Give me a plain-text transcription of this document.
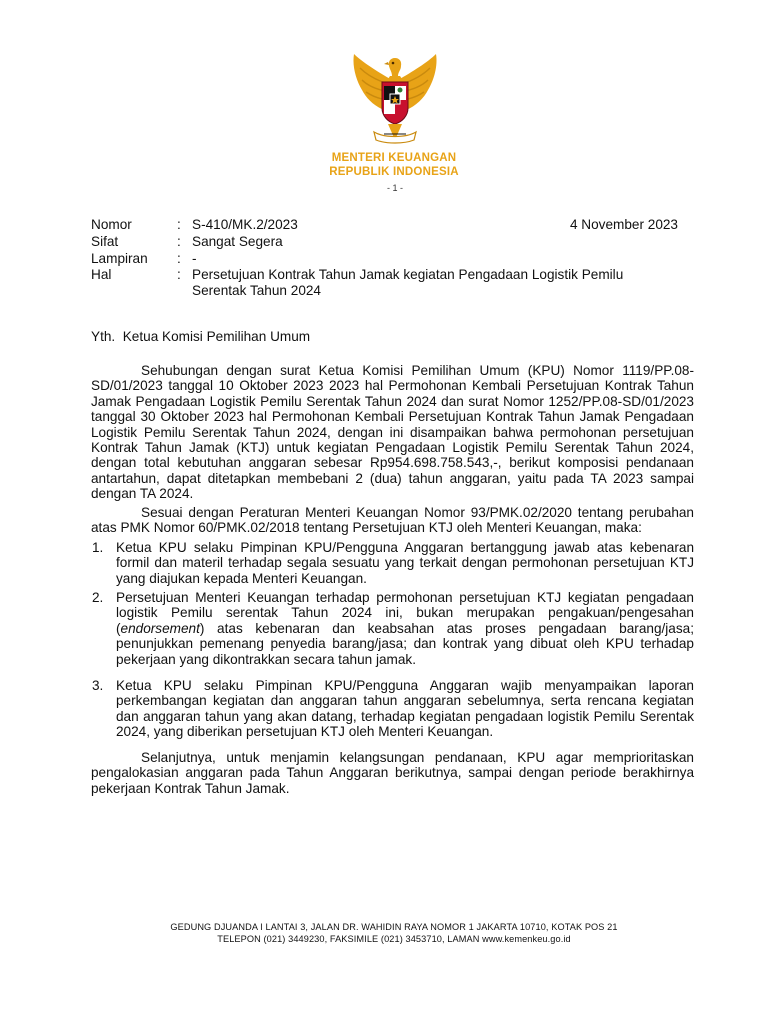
MENTERI KEUANGAN
REPUBLIK INDONESIA
- 1 -
Nomor	: S-410/MK.2/2023	4 November 2023
Sifat	: Sangat Segera
Lampiran : -
Hal	: Persetujuan Kontrak Tahun Jamak kegiatan Pengadaan Logistik Pemilu
Serentak Tahun 2024
Yth.  Ketua Komisi Pemilihan Umum
Sehubungan dengan surat Ketua Komisi Pemilihan Umum (KPU) Nomor 1119/PP.08-SD/01/2023 tanggal 10 Oktober 2023 2023 hal Permohonan Kembali Persetujuan Kontrak Tahun Jamak Pengadaan Logistik Pemilu Serentak Tahun 2024 dan surat Nomor 1252/PP.08-SD/01/2023 tanggal 30 Oktober 2023 hal Permohonan Kembali Persetujuan Kontrak Tahun Jamak Pengadaan Logistik Pemilu Serentak Tahun 2024, dengan ini disampaikan bahwa permohonan persetujuan Kontrak Tahun Jamak (KTJ) untuk kegiatan Pengadaan Logistik Pemilu Serentak Tahun 2024, dengan total kebutuhan anggaran sebesar Rp954.698.758.543,-, berikut komposisi pendanaan antartahun, dapat ditetapkan membebani 2 (dua) tahun anggaran, yaitu pada TA 2023 sampai dengan TA 2024.
Sesuai dengan Peraturan Menteri Keuangan Nomor 93/PMK.02/2020 tentang perubahan atas PMK Nomor 60/PMK.02/2018 tentang Persetujuan KTJ oleh Menteri Keuangan, maka:
1. Ketua KPU selaku Pimpinan KPU/Pengguna Anggaran bertanggung jawab atas kebenaran formil dan materil terhadap segala sesuatu yang terkait dengan permohonan persetujuan KTJ yang diajukan kepada Menteri Keuangan.
2. Persetujuan Menteri Keuangan terhadap permohonan persetujuan KTJ kegiatan pengadaan logistik Pemilu serentak Tahun 2024 ini, bukan merupakan pengakuan/pengesahan (endorsement) atas kebenaran dan keabsahan atas proses pengadaan barang/jasa; penunjukkan pemenang penyedia barang/jasa; dan kontrak yang dibuat oleh KPU terhadap pekerjaan yang dikontrakkan secara tahun jamak.
3. Ketua KPU selaku Pimpinan KPU/Pengguna Anggaran wajib menyampaikan laporan perkembangan kegiatan dan anggaran tahun anggaran sebelumnya, serta rencana kegiatan dan anggaran tahun yang akan datang, terhadap kegiatan pengadaan logistik Pemilu Serentak 2024, yang diberikan persetujuan KTJ oleh Menteri Keuangan.
Selanjutnya, untuk menjamin kelangsungan pendanaan, KPU agar memprioritaskan pengalokasian anggaran pada Tahun Anggaran berikutnya, sampai dengan periode berakhirnya pekerjaan Kontrak Tahun Jamak.
GEDUNG DJUANDA I LANTAI 3, JALAN DR. WAHIDIN RAYA NOMOR 1 JAKARTA 10710, KOTAK POS 21
TELEPON (021) 3449230, FAKSIMILE (021) 3453710, LAMAN www.kemenkeu.go.id
